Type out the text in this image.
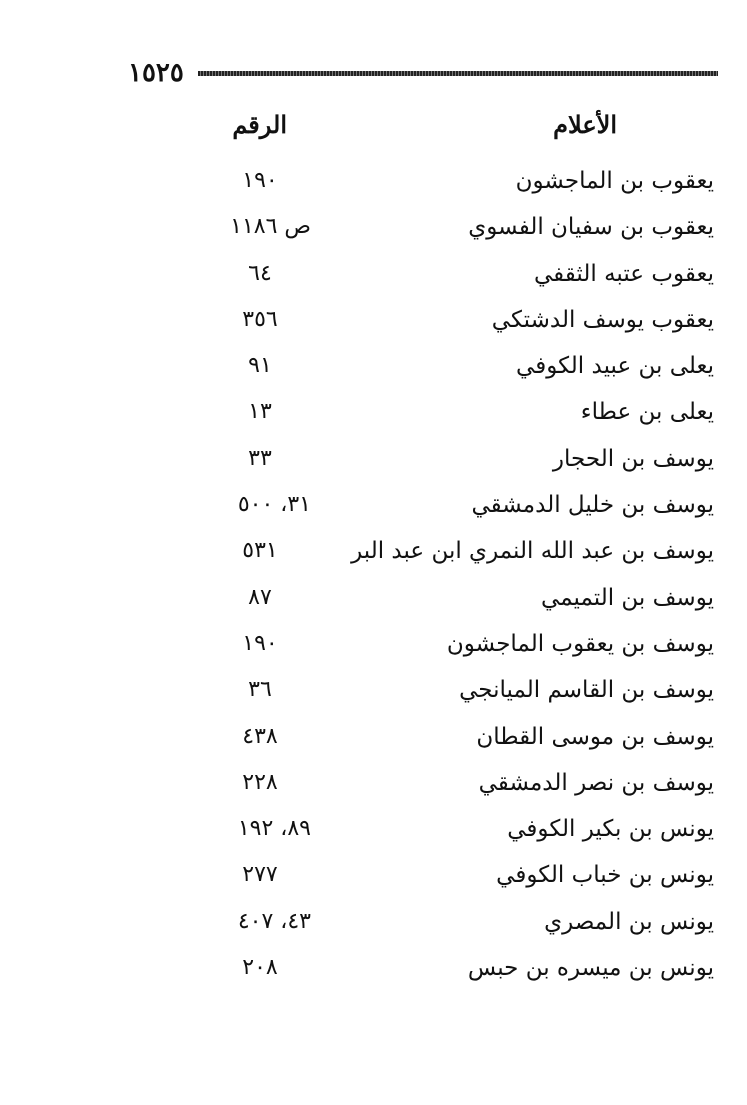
١٥٢٥
الأعلام
الرقم
يعقوب بن الماجشون
١٩٠
يعقوب بن سفيان الفسوي
ص ١١٨٦
يعقوب عتبه الثقفي
٦٤
يعقوب يوسف الدشتكي
٣٥٦
يعلى بن عبيد الكوفي
٩١
يعلى بن عطاء
١٣
يوسف بن الحجار
٣٣
يوسف بن خليل الدمشقي
٣١، ٥٠٠
يوسف بن عبد الله النمري ابن عبد البر
٥٣١
يوسف بن التميمي
٨٧
يوسف بن يعقوب الماجشون
١٩٠
يوسف بن القاسم الميانجي
٣٦
يوسف بن موسى القطان
٤٣٨
يوسف بن نصر الدمشقي
٢٢٨
يونس بن بكير الكوفي
٨٩، ١٩٢
يونس بن خباب الكوفي
٢٧٧
يونس بن المصري
٤٣، ٤٠٧
يونس بن ميسره بن حبس
٢٠٨
